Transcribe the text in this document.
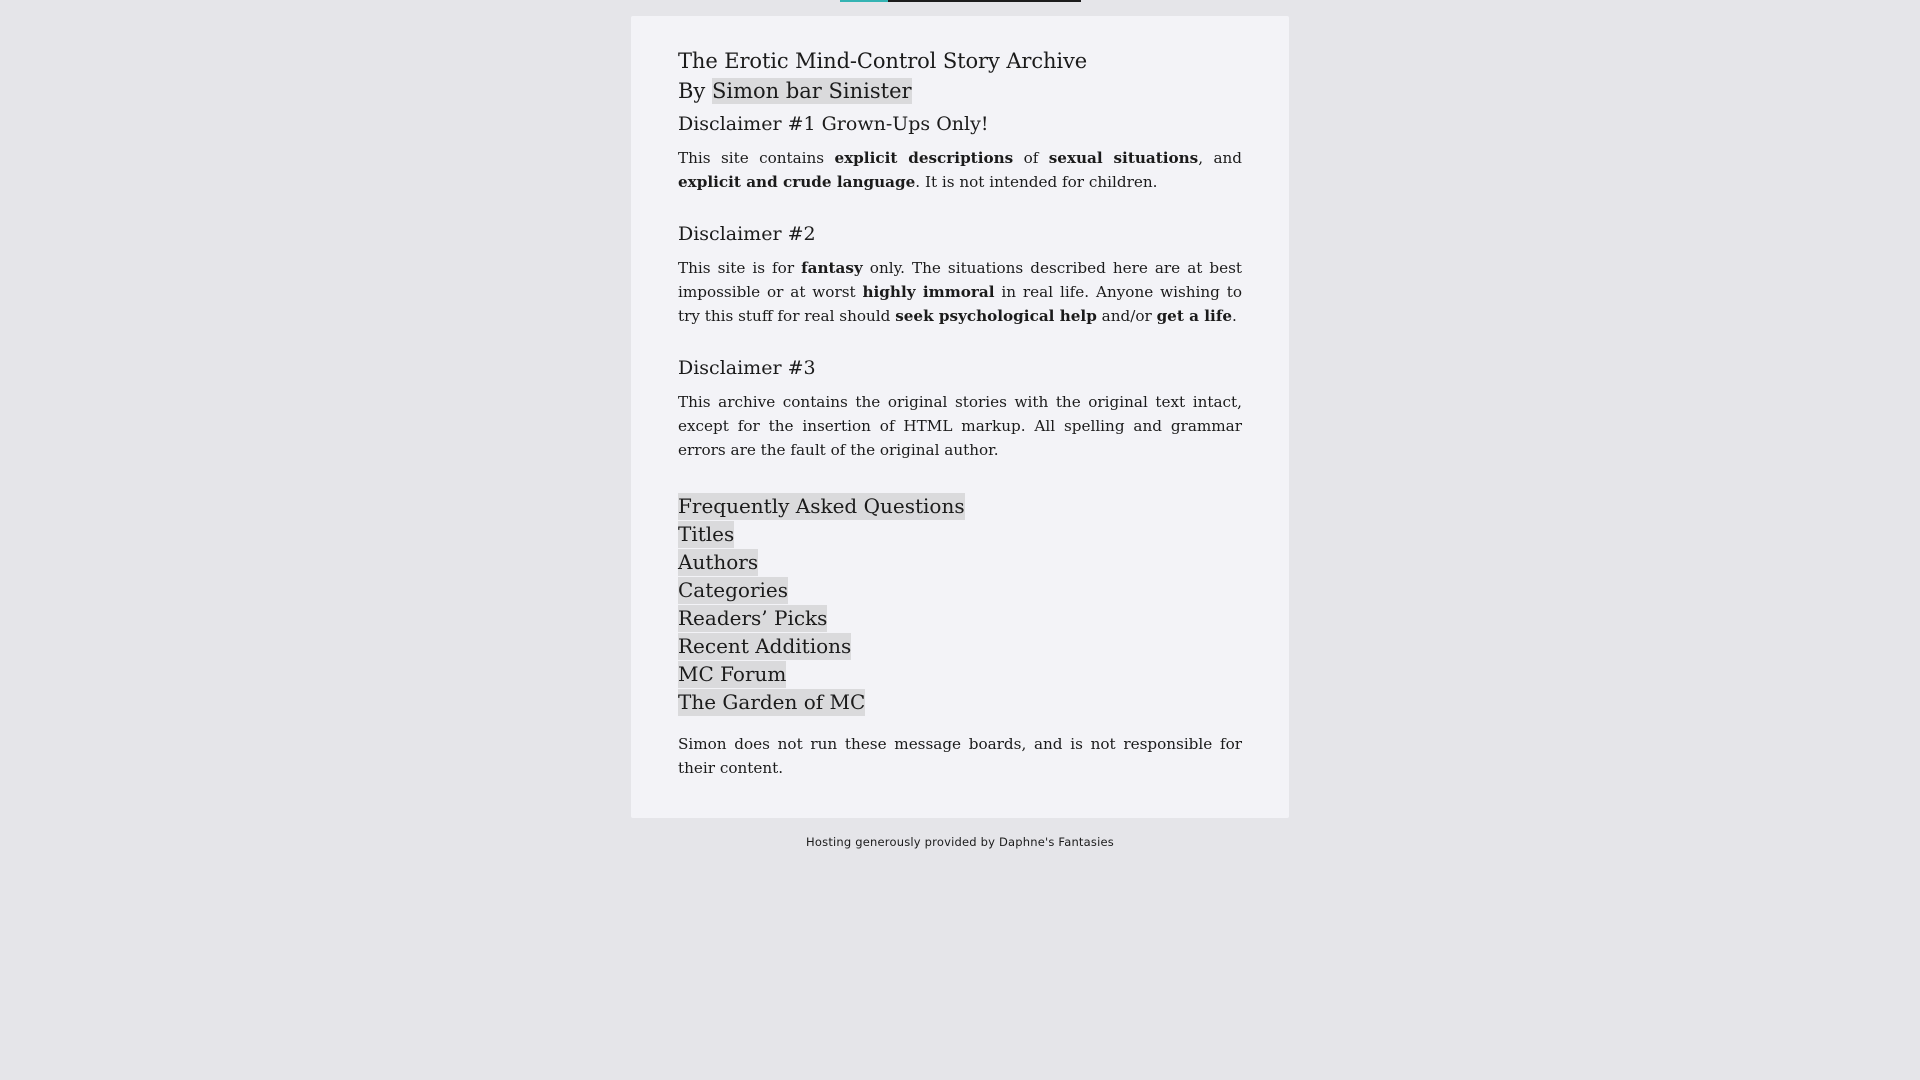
The Erotic Mind-Control Story Archive
By Simon bar Sinister
Disclaimer #1 Grown-Ups Only!

This site contains explicit descriptions of sexual situations, and explicit and crude language. It is not intended for children.

Disclaimer #2

This site is for fantasy only. The situations described here are at best impossible or at worst highly immoral in real life. Anyone wishing to try this stuff for real should seek psychological help and/or get a life.

Disclaimer #3

This archive contains the original stories with the original text intact, except for the insertion of HTML markup. All spelling and grammar errors are the fault of the original author.

Frequently Asked Questions
Titles
Authors
Categories
Readers’ Picks
Recent Additions
MC Forum
The Garden of MC

Simon does not run these message boards, and is not responsible for their content.

Hosting generously provided by Daphne's Fantasies
